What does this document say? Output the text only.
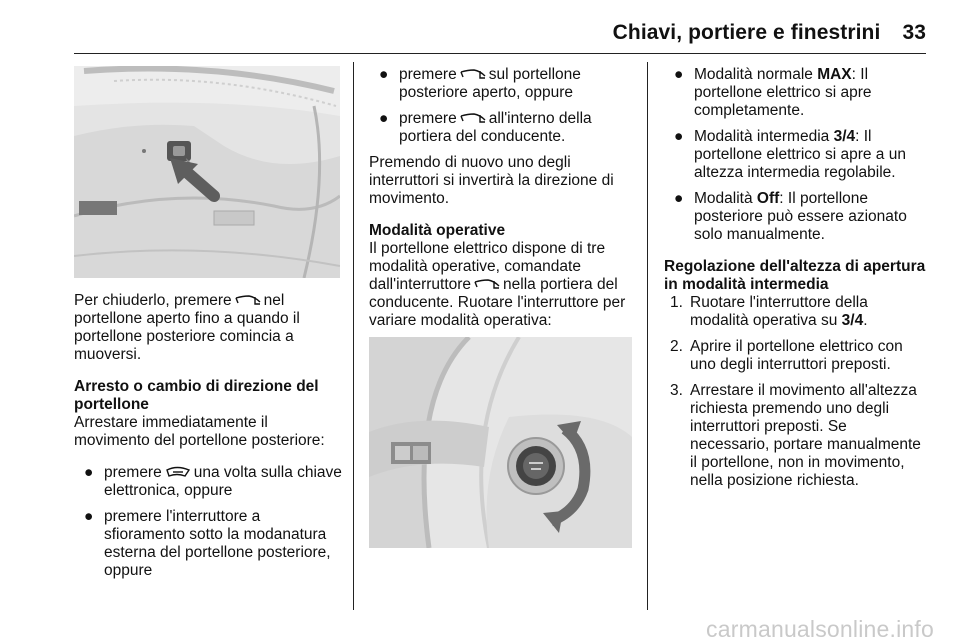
Chiavi, portiere e finestrini 33

Per chiuderlo, premere nel portellone aperto fino a quando il portellone posteriore comincia a muoversi.

Arresto o cambio di direzione del portellone

Arrestare immediatamente il movimento del portellone posteriore:

● premere una volta sulla chiave elettronica, oppure
● premere l'interruttore a sfioramento sotto la modanatura esterna del portellone posteriore, oppure
● premere sul portellone posteriore aperto, oppure
● premere all'interno della portiera del conducente.

Premendo di nuovo uno degli interruttori si invertirà la direzione di movimento.

Modalità operative

Il portellone elettrico dispone di tre modalità operative, comandate dall'interruttore nella portiera del conducente. Ruotare l'interruttore per variare modalità operativa:

● Modalità normale MAX: Il portellone elettrico si apre completamente.
● Modalità intermedia 3/4: Il portellone elettrico si apre a un altezza intermedia regolabile.
● Modalità Off: Il portellone posteriore può essere azionato solo manualmente.
Regolazione dell'altezza di apertura in modalità intermedia
1. Ruotare l'interruttore della modalità operativa su 3/4.
2. Aprire il portellone elettrico con uno degli interruttori preposti.
3. Arrestare il movimento all'altezza richiesta premendo uno degli interruttori preposti. Se necessario, portare manualmente il portellone, non in movimento, nella posizione richiesta.
carmanualsonline.info
